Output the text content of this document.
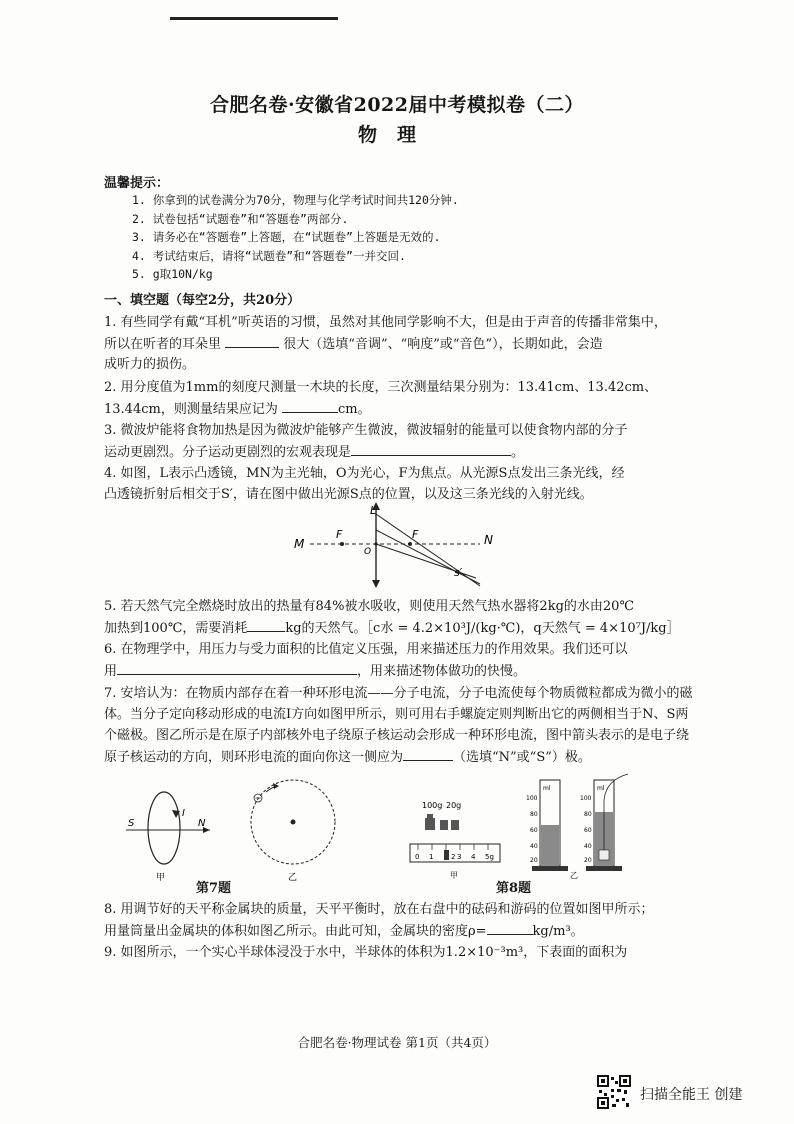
合肥名卷·安徽省2022届中考模拟卷（二）
物理
温馨提示：
1. 你拿到的试卷满分为70分，物理与化学考试时间共120分钟.
2. 试卷包括“试题卷”和“答题卷”两部分.
3. 请务必在“答题卷”上答题，在“试题卷”上答题是无效的.
4. 考试结束后，请将“试题卷”和“答题卷”一并交回.
5. g取10N/kg
一、填空题（每空2分，共20分）
1. 有些同学有戴“耳机”听英语的习惯，虽然对其他同学影响不大，但是由于声音的传播非常集中，
所以在听者的耳朵里	很大（选填“音调”、“响度”或“音色”），长期如此，会造
成听力的损伤。
2. 用分度值为1mm的刻度尺测量一木块的长度，三次测量结果分别为：13.41cm、13.42cm、
13.44cm，则测量结果应记为	cm。
3. 微波炉能将食物加热是因为微波炉能够产生微波，微波辐射的能量可以使食物内部的分子
运动更剧烈。分子运动更剧烈的宏观表现是	。
4. 如图，L表示凸透镜，MN为主光轴，O为光心，F为焦点。从光源S点发出三条光线，经
凸透镜折射后相交于S′，请在图中做出光源S点的位置，以及这三条光线的入射光线。
L
M	N
F	F
O
s′
5. 若天然气完全燃烧时放出的热量有84%被水吸收，则使用天然气热水器将2kg的水由20℃
加热到100℃，需要消耗	kg的天然气。［c水 = 4.2×10³J/(kg·℃)，q天然气 = 4×10⁷J/kg］
6. 在物理学中，用压力与受力面积的比值定义压强，用来描述压力的作用效果。我们还可以
用	，用来描述物体做功的快慢。
7. 安培认为：在物质内部存在着一种环形电流——分子电流，分子电流使每个物质微粒都成为微小的磁
体。当分子定向移动形成的电流I方向如图甲所示，则可用右手螺旋定则判断出它的两侧相当于N、S两
个磁极。图乙所示是在原子内部核外电子绕原子核运动会形成一种环形电流，图中箭头表示的是电子绕
原子核运动的方向，则环形电流的面向你这一侧应为	（选填“N”或“S”）极。
S	N
I
甲	乙
第7题
100g 20g
0 1	2 3 4 5g
甲
ml
100
80
60
40
20
ml
100
80
60
40
20
乙
第8题
8. 用调节好的天平称金属块的质量，天平平衡时，放在右盘中的砝码和游码的位置如图甲所示；
用量筒量出金属块的体积如图乙所示。由此可知，金属块的密度ρ=	kg/m³。
9. 如图所示，一个实心半球体浸没于水中，半球体的体积为1.2×10⁻³m³，下表面的面积为
合肥名卷·物理试卷 第1页（共4页）
扫描全能王 创建
